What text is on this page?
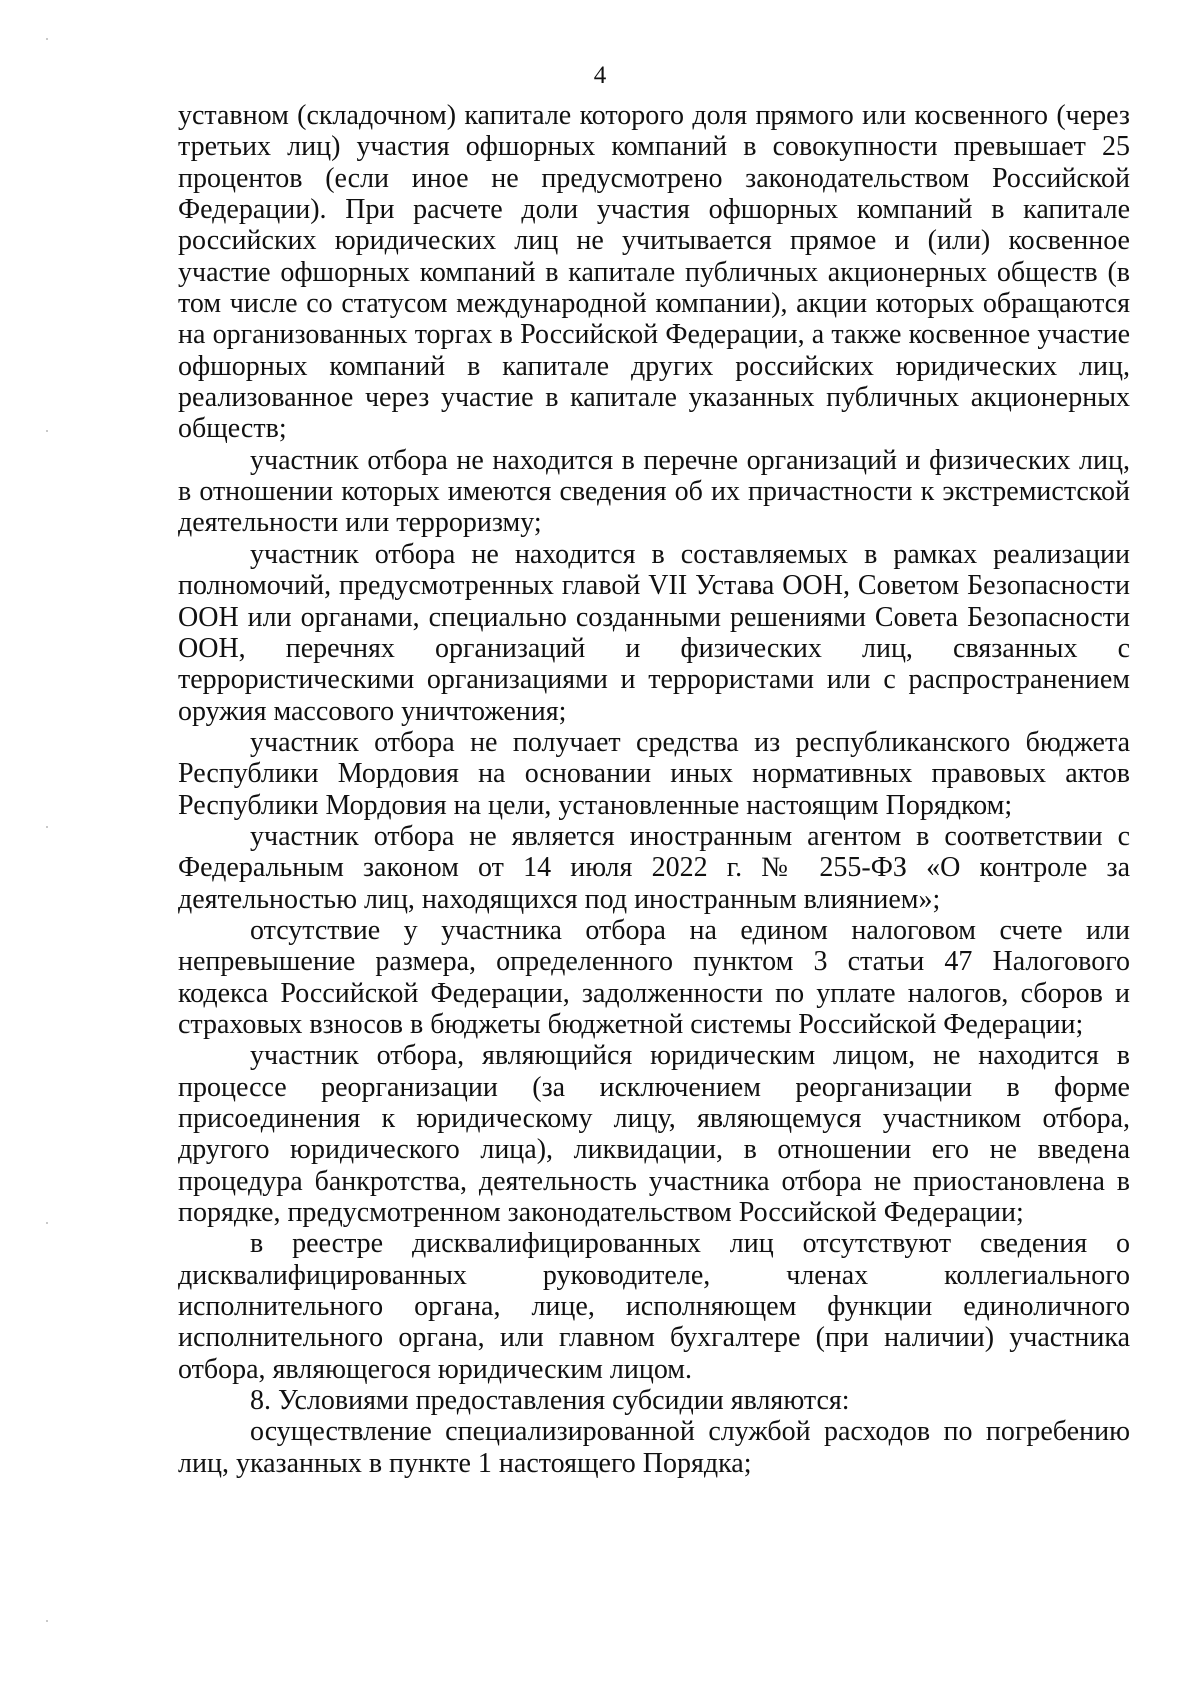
4

уставном (складочном) капитале которого доля прямого или косвенного (через третьих лиц) участия офшорных компаний в совокупности превышает 25 процентов (если иное не предусмотрено законодательством Российской Федерации). При расчете доли участия офшорных компаний в капитале российских юридических лиц не учитывается прямое и (или) косвенное участие офшорных компаний в капитале публичных акционерных обществ (в том числе со статусом международной компании), акции которых обращаются на организованных торгах в Российской Федерации, а также косвенное участие офшорных компаний в капитале других российских юридических лиц, реализованное через участие в капитале указанных публичных акционерных обществ;

участник отбора не находится в перечне организаций и физических лиц, в отношении которых имеются сведения об их причастности к экстремистской деятельности или терроризму;

участник отбора не находится в составляемых в рамках реализации полномочий, предусмотренных главой VII Устава ООН, Советом Безопасности ООН или органами, специально созданными решениями Совета Безопасности ООН, перечнях организаций и физических лиц, связанных с террористическими организациями и террористами или с распространением оружия массового уничтожения;

участник отбора не получает средства из республиканского бюджета Республики Мордовия на основании иных нормативных правовых актов Республики Мордовия на цели, установленные настоящим Порядком;

участник отбора не является иностранным агентом в соответствии с Федеральным законом от 14 июля 2022 г. № 255-ФЗ «О контроле за деятельностью лиц, находящихся под иностранным влиянием»;

отсутствие у участника отбора на едином налоговом счете или непревышение размера, определенного пунктом 3 статьи 47 Налогового кодекса Российской Федерации, задолженности по уплате налогов, сборов и страховых взносов в бюджеты бюджетной системы Российской Федерации;

участник отбора, являющийся юридическим лицом, не находится в процессе реорганизации (за исключением реорганизации в форме присоединения к юридическому лицу, являющемуся участником отбора, другого юридического лица), ликвидации, в отношении его не введена процедура банкротства, деятельность участника отбора не приостановлена в порядке, предусмотренном законодательством Российской Федерации;

в реестре дисквалифицированных лиц отсутствуют сведения о дисквалифицированных руководителе, членах коллегиального исполнительного органа, лице, исполняющем функции единоличного исполнительного органа, или главном бухгалтере (при наличии) участника отбора, являющегося юридическим лицом.

8. Условиями предоставления субсидии являются:

осуществление специализированной службой расходов по погребению лиц, указанных в пункте 1 настоящего Порядка;
